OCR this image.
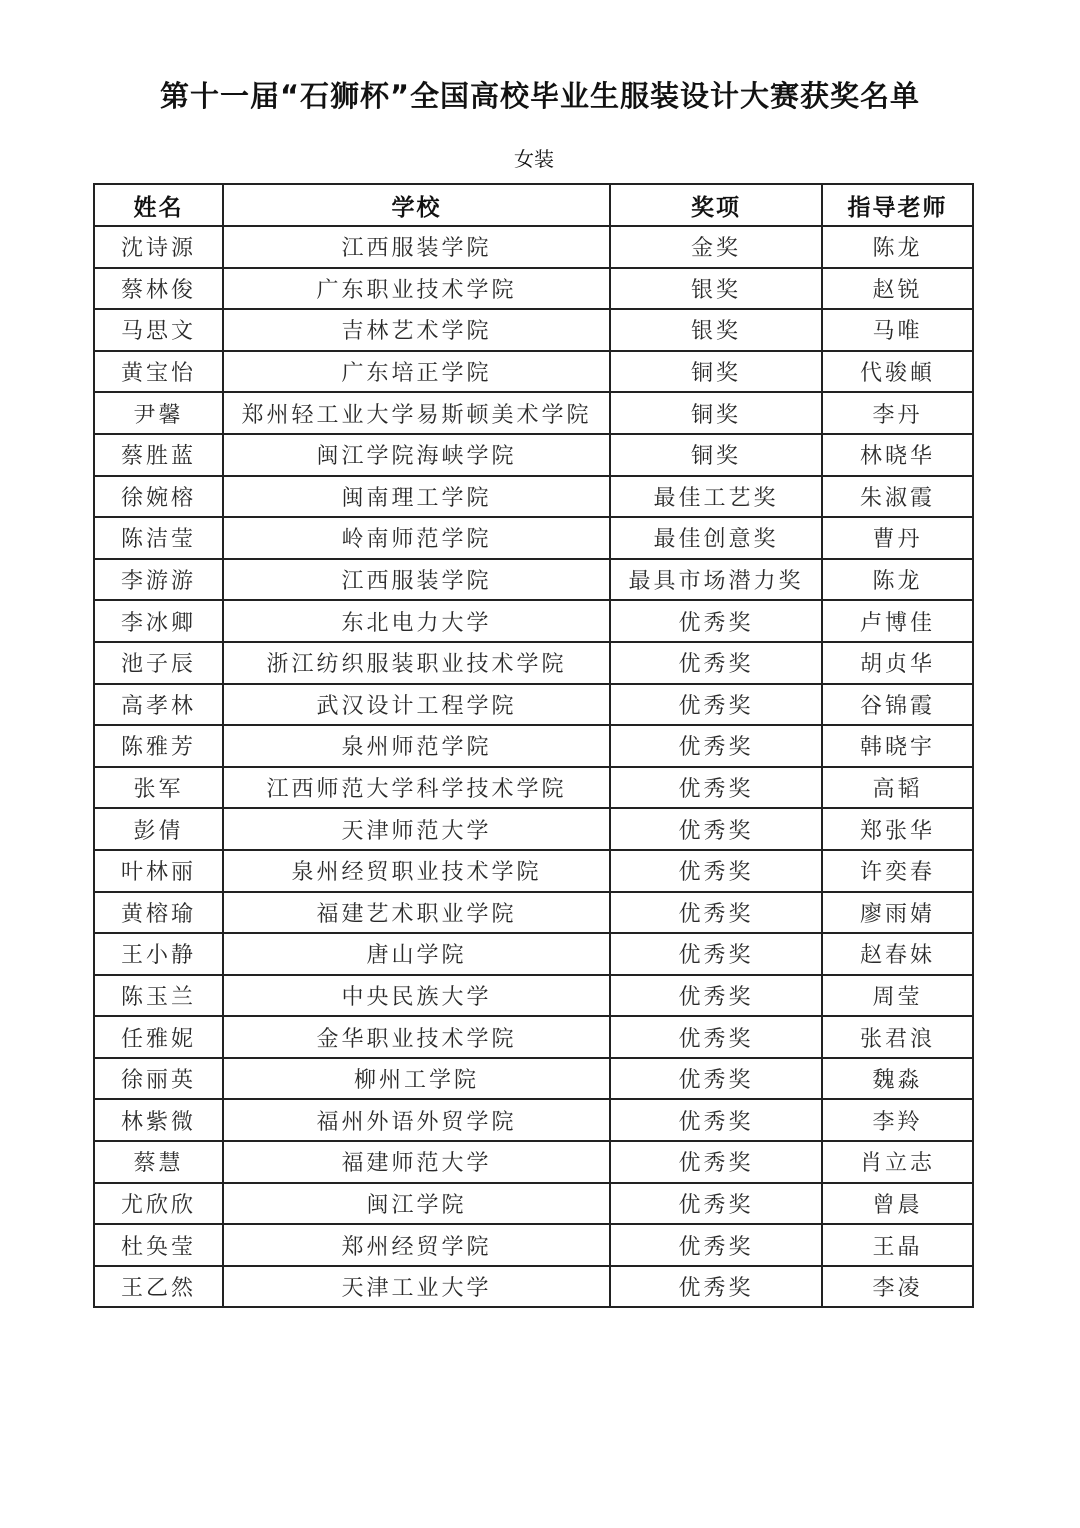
第十一届“石狮杯”全国高校毕业生服装设计大赛获奖名单
女装
姓名	学校	奖项	指导老师
沈诗源	江西服装学院	金奖	陈龙
蔡林俊	广东职业技术学院	银奖	赵锐
马思文	吉林艺术学院	银奖	马唯
黄宝怡	广东培正学院	铜奖	代骏頔
尹馨	郑州轻工业大学易斯顿美术学院	铜奖	李丹
蔡胜蓝	闽江学院海峡学院	铜奖	林晓华
徐婉榕	闽南理工学院	最佳工艺奖	朱淑霞
陈洁莹	岭南师范学院	最佳创意奖	曹丹
李游游	江西服装学院	最具市场潜力奖	陈龙
李冰卿	东北电力大学	优秀奖	卢博佳
池子辰	浙江纺织服装职业技术学院	优秀奖	胡贞华
高孝林	武汉设计工程学院	优秀奖	谷锦霞
陈雅芳	泉州师范学院	优秀奖	韩晓宇
张军	江西师范大学科学技术学院	优秀奖	高韬
彭倩	天津师范大学	优秀奖	郑张华
叶林丽	泉州经贸职业技术学院	优秀奖	许奕春
黄榕瑜	福建艺术职业学院	优秀奖	廖雨婧
王小静	唐山学院	优秀奖	赵春妹
陈玉兰	中央民族大学	优秀奖	周莹
任雅妮	金华职业技术学院	优秀奖	张君浪
徐丽英	柳州工学院	优秀奖	魏淼
林紫微	福州外语外贸学院	优秀奖	李羚
蔡慧	福建师范大学	优秀奖	肖立志
尤欣欣	闽江学院	优秀奖	曾晨
杜奂莹	郑州经贸学院	优秀奖	王晶
王乙然	天津工业大学	优秀奖	李凌
